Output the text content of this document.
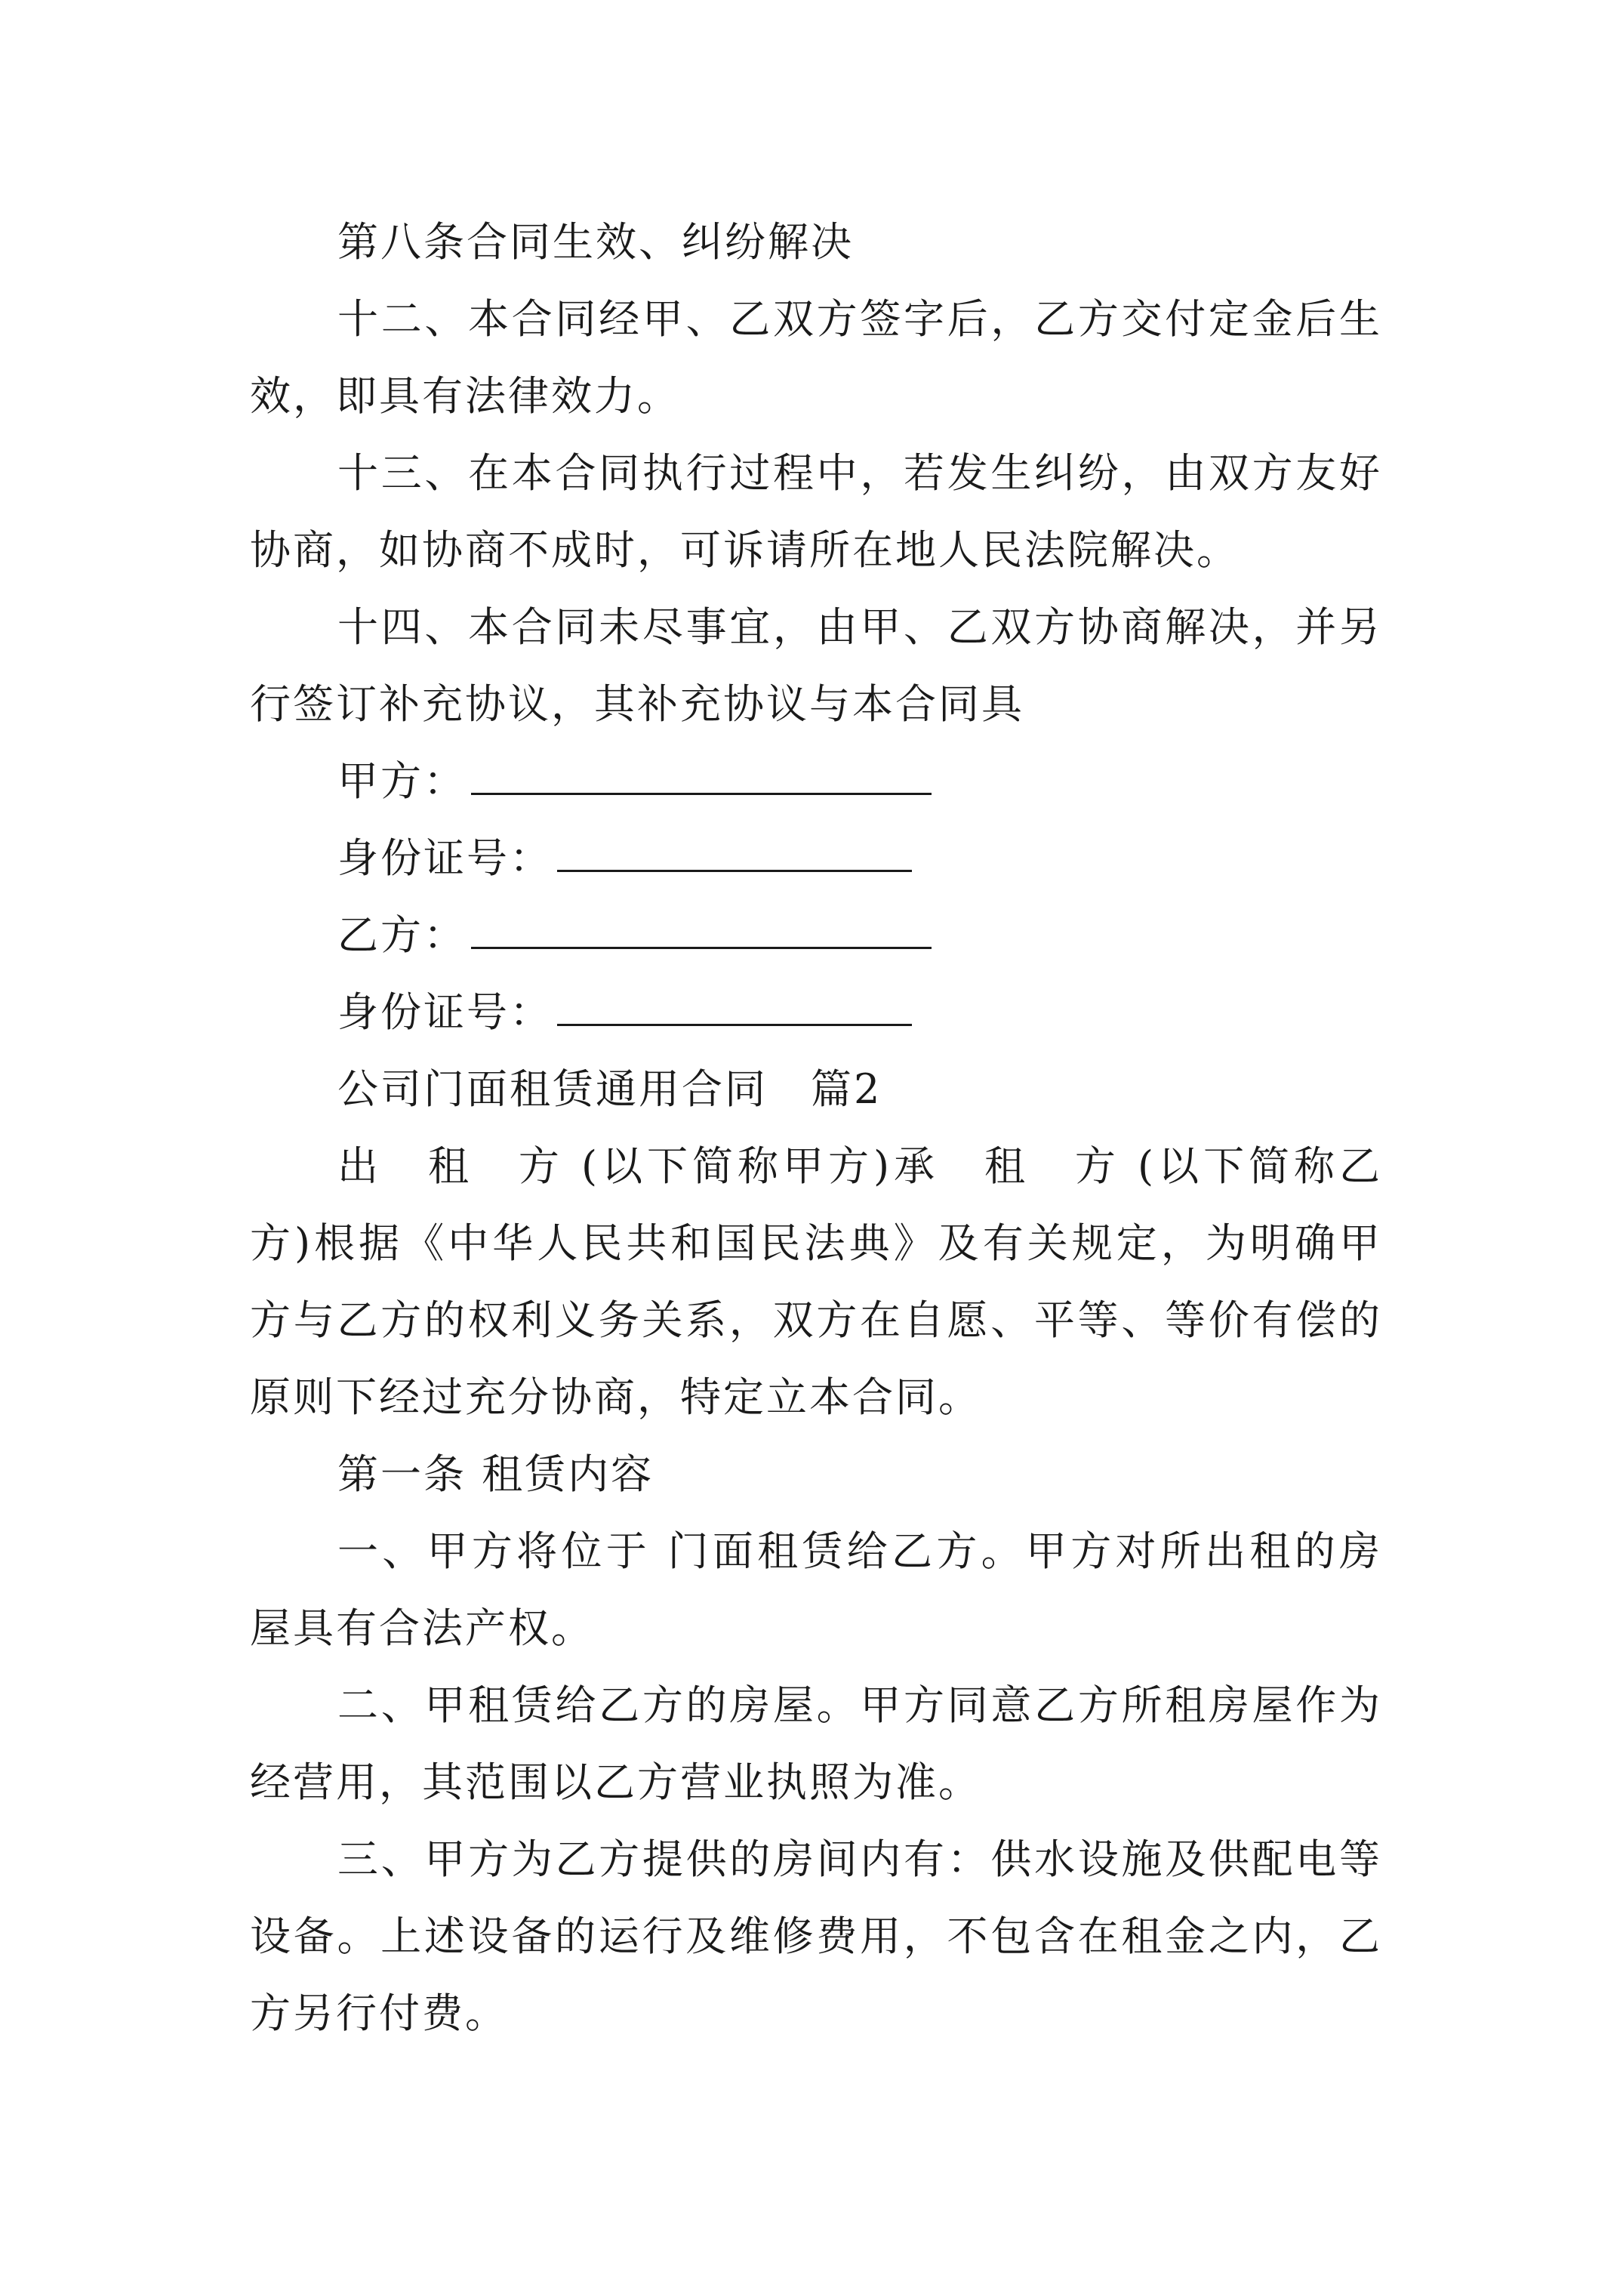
第八条合同生效、纠纷解决

十二、本合同经甲、乙双方签字后，乙方交付定金后生效，即具有法律效力。

十三、在本合同执行过程中，若发生纠纷，由双方友好协商，如协商不成时，可诉请所在地人民法院解决。

十四、本合同未尽事宜，由甲、乙双方协商解决，并另行签订补充协议，其补充协议与本合同具

甲方：
身份证号：
乙方：
身份证号：

公司门面租赁通用合同　篇2

出　租　方 (以下简称甲方)承　租　方 (以下简称乙方)根据《中华人民共和国民法典》及有关规定，为明确甲方与乙方的权利义务关系，双方在自愿、平等、等价有偿的原则下经过充分协商，特定立本合同。

第一条 租赁内容

一、甲方将位于 门面租赁给乙方。甲方对所出租的房屋具有合法产权。

二、甲租赁给乙方的房屋。甲方同意乙方所租房屋作为经营用，其范围以乙方营业执照为准。

三、甲方为乙方提供的房间内有：供水设施及供配电等设备。上述设备的运行及维修费用，不包含在租金之内，乙方另行付费。
